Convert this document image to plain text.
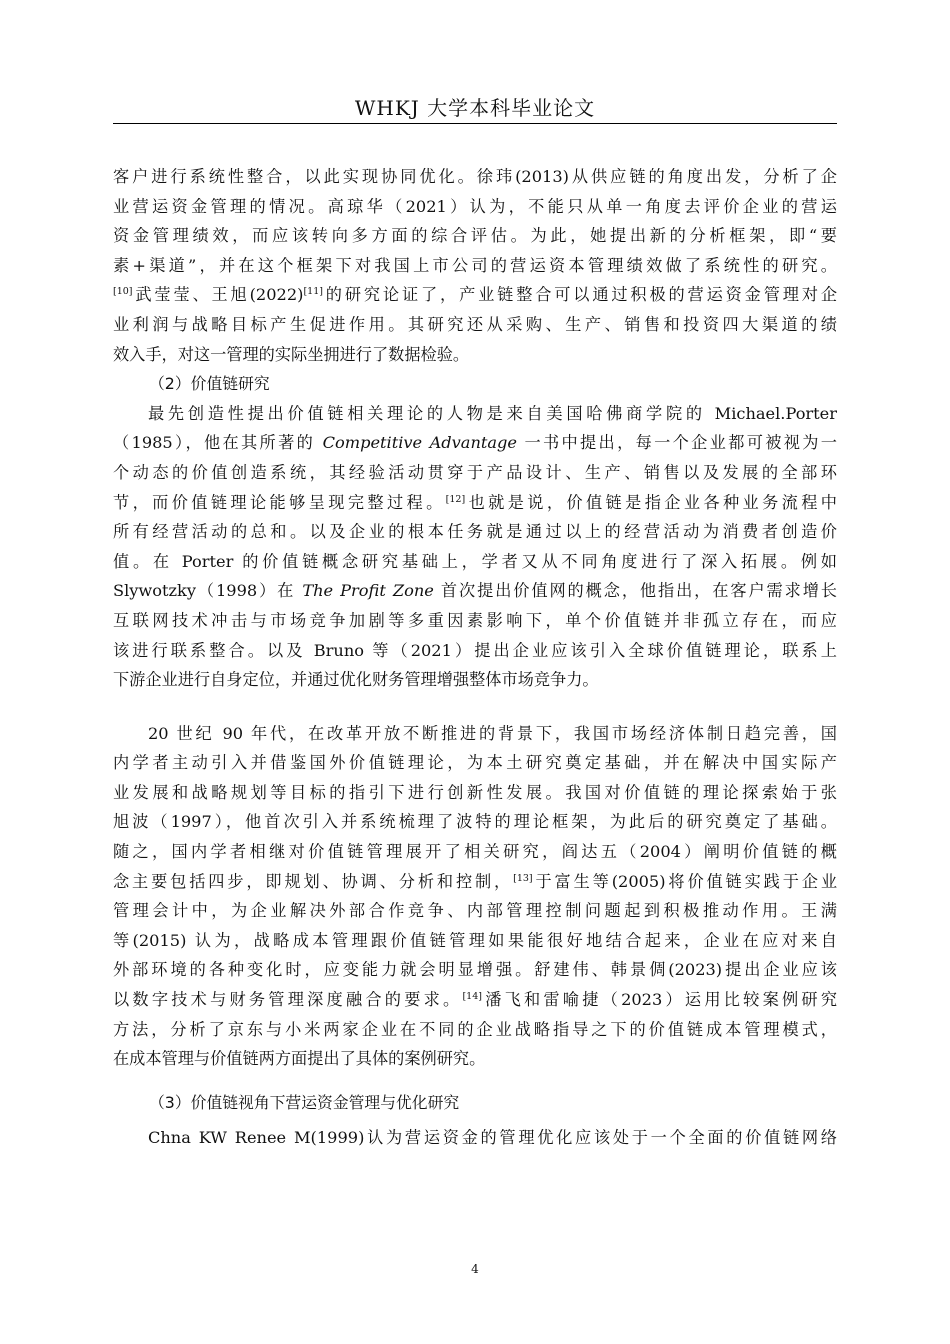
WHKJ 大学本科毕业论文
客户进行系统性整合，以此实现协同优化。徐玮(2013)从供应链的角度出发，分析了企
业营运资金管理的情况。高琼华（2021）认为，不能只从单一角度去评价企业的营运
资金管理绩效，而应该转向多方面的综合评估。为此，她提出新的分析框架，即“要
素+渠道”，并在这个框架下对我国上市公司的营运资本管理绩效做了系统性的研究。
[10]武莹莹、王旭(2022)[11]的研究论证了，产业链整合可以通过积极的营运资金管理对企
业利润与战略目标产生促进作用。其研究还从采购、生产、销售和投资四大渠道的绩
效入手，对这一管理的实际坐拥进行了数据检验。
（2）价值链研究
最先创造性提出价值链相关理论的人物是来自美国哈佛商学院的 Michael.Porter
（1985），他在其所著的 Competitive Advantage 一书中提出，每一个企业都可被视为一
个动态的价值创造系统，其经验活动贯穿于产品设计、生产、销售以及发展的全部环
节，而价值链理论能够呈现完整过程。[12]也就是说，价值链是指企业各种业务流程中
所有经营活动的总和。以及企业的根本任务就是通过以上的经营活动为消费者创造价
值。在 Porter 的价值链概念研究基础上，学者又从不同角度进行了深入拓展。例如
Slywotzky（1998）在 The Profit Zone 首次提出价值网的概念，他指出，在客户需求增长
互联网技术冲击与市场竞争加剧等多重因素影响下，单个价值链并非孤立存在，而应
该进行联系整合。以及 Bruno 等（2021）提出企业应该引入全球价值链理论，联系上
下游企业进行自身定位，并通过优化财务管理增强整体市场竞争力。
20 世纪 90 年代，在改革开放不断推进的背景下，我国市场经济体制日趋完善，国
内学者主动引入并借鉴国外价值链理论，为本土研究奠定基础，并在解决中国实际产
业发展和战略规划等目标的指引下进行创新性发展。我国对价值链的理论探索始于张
旭波（1997），他首次引入并系统梳理了波特的理论框架，为此后的研究奠定了基础。
随之，国内学者相继对价值链管理展开了相关研究，阎达五（2004）阐明价值链的概
念主要包括四步，即规划、协调、分析和控制，[13]于富生等(2005)将价值链实践于企业
管理会计中，为企业解决外部合作竞争、内部管理控制问题起到积极推动作用。王满
等(2015) 认为，战略成本管理跟价值链管理如果能很好地结合起来，企业在应对来自
外部环境的各种变化时，应变能力就会明显增强。舒建伟、韩景倜(2023)提出企业应该
以数字技术与财务管理深度融合的要求。[14]潘飞和雷喻捷（2023）运用比较案例研究
方法，分析了京东与小米两家企业在不同的企业战略指导之下的价值链成本管理模式，
在成本管理与价值链两方面提出了具体的案例研究。
（3）价值链视角下营运资金管理与优化研究
Chna KW Renee M(1999)认为营运资金的管理优化应该处于一个全面的价值链网络
4
